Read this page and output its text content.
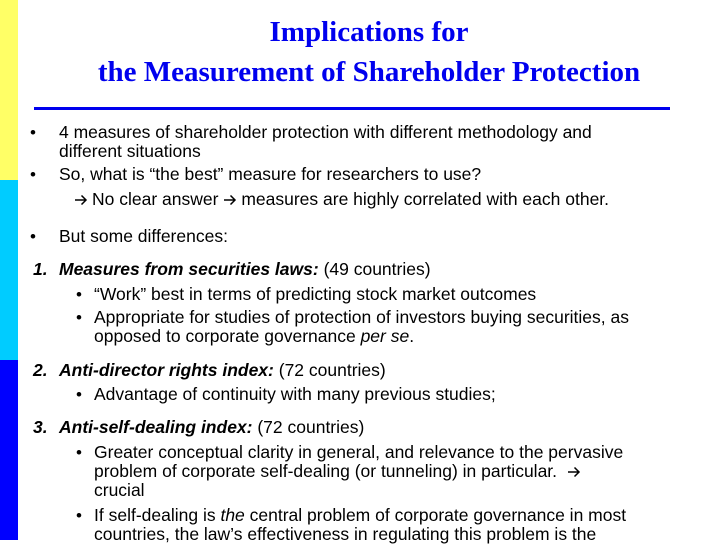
Implications for
the Measurement of Shareholder Protection
• 4 measures of shareholder protection with different methodology and
different situations
• So, what is “the best” measure for researchers to use?
No clear answer measures are highly correlated with each other.
• But some differences:
1. Measures from securities laws: (49 countries)
• “Work” best in terms of predicting stock market outcomes
• Appropriate for studies of protection of investors buying securities, as
opposed to corporate governance per se.
2. Anti-director rights index: (72 countries)
• Advantage of continuity with many previous studies;
3. Anti-self-dealing index: (72 countries)
• Greater conceptual clarity in general, and relevance to the pervasive
problem of corporate self-dealing (or tunneling) in particular.
crucial
• If self-dealing is the central problem of corporate governance in most
countries, the law’s effectiveness in regulating this problem is the
